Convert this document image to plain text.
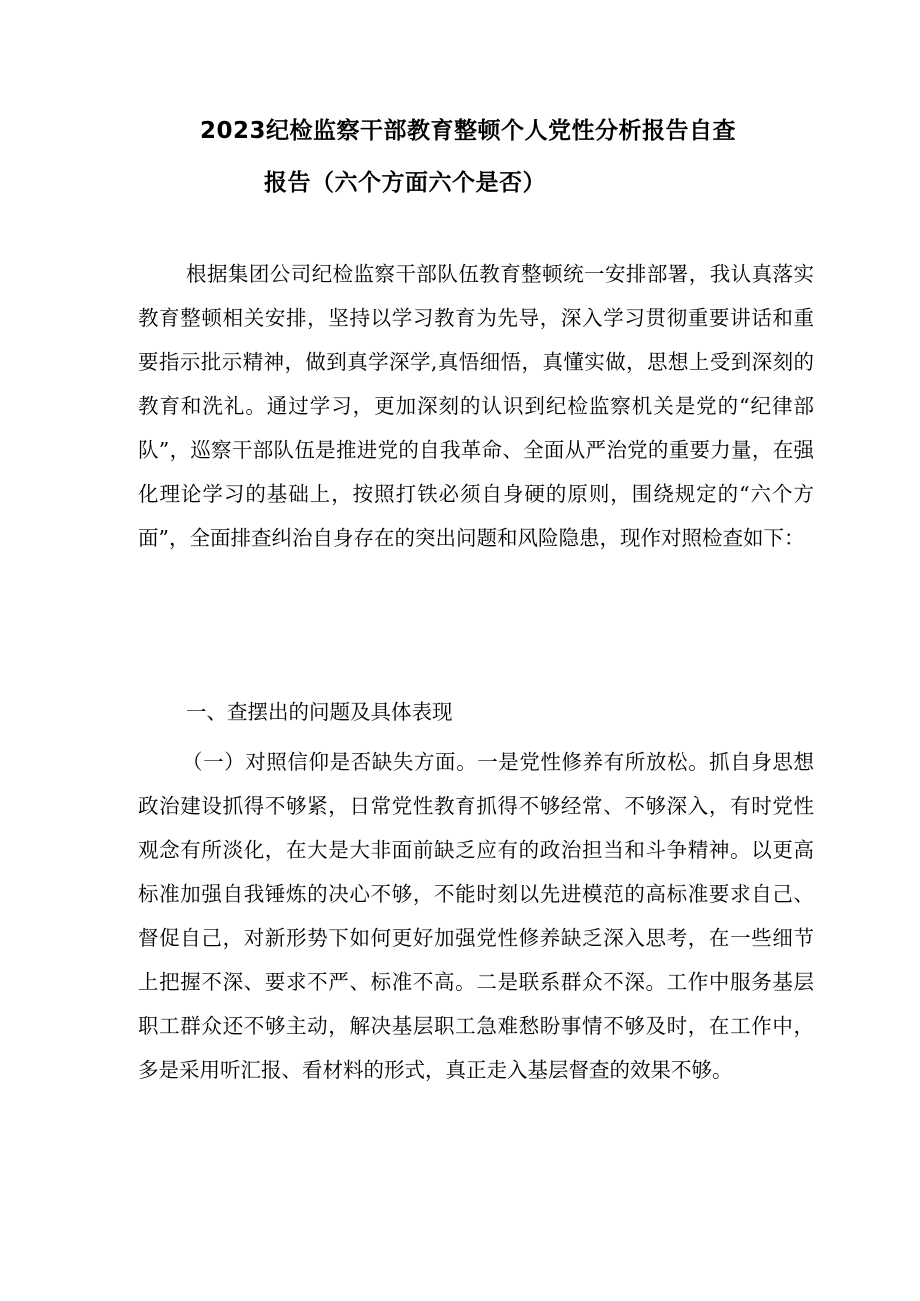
2023纪检监察干部教育整顿个人党性分析报告自查
报告（六个方面六个是否）
根据集团公司纪检监察干部队伍教育整顿统一安排部署，我认真落实教育整顿相关安排，坚持以学习教育为先导，深入学习贯彻重要讲话和重要指示批示精神，做到真学深学,真悟细悟，真懂实做，思想上受到深刻的教育和洗礼。通过学习，更加深刻的认识到纪检监察机关是党的“纪律部队”，巡察干部队伍是推进党的自我革命、全面从严治党的重要力量，在强化理论学习的基础上，按照打铁必须自身硬的原则，围绕规定的“六个方面”，全面排查纠治自身存在的突出问题和风险隐患，现作对照检查如下：
一、查摆出的问题及具体表现
（一）对照信仰是否缺失方面。一是党性修养有所放松。抓自身思想政治建设抓得不够紧，日常党性教育抓得不够经常、不够深入，有时党性观念有所淡化，在大是大非面前缺乏应有的政治担当和斗争精神。以更高标准加强自我锤炼的决心不够，不能时刻以先进模范的高标准要求自己、督促自己，对新形势下如何更好加强党性修养缺乏深入思考，在一些细节上把握不深、要求不严、标准不高。二是联系群众不深。工作中服务基层职工群众还不够主动，解决基层职工急难愁盼事情不够及时，在工作中，多是采用听汇报、看材料的形式，真正走入基层督查的效果不够。
